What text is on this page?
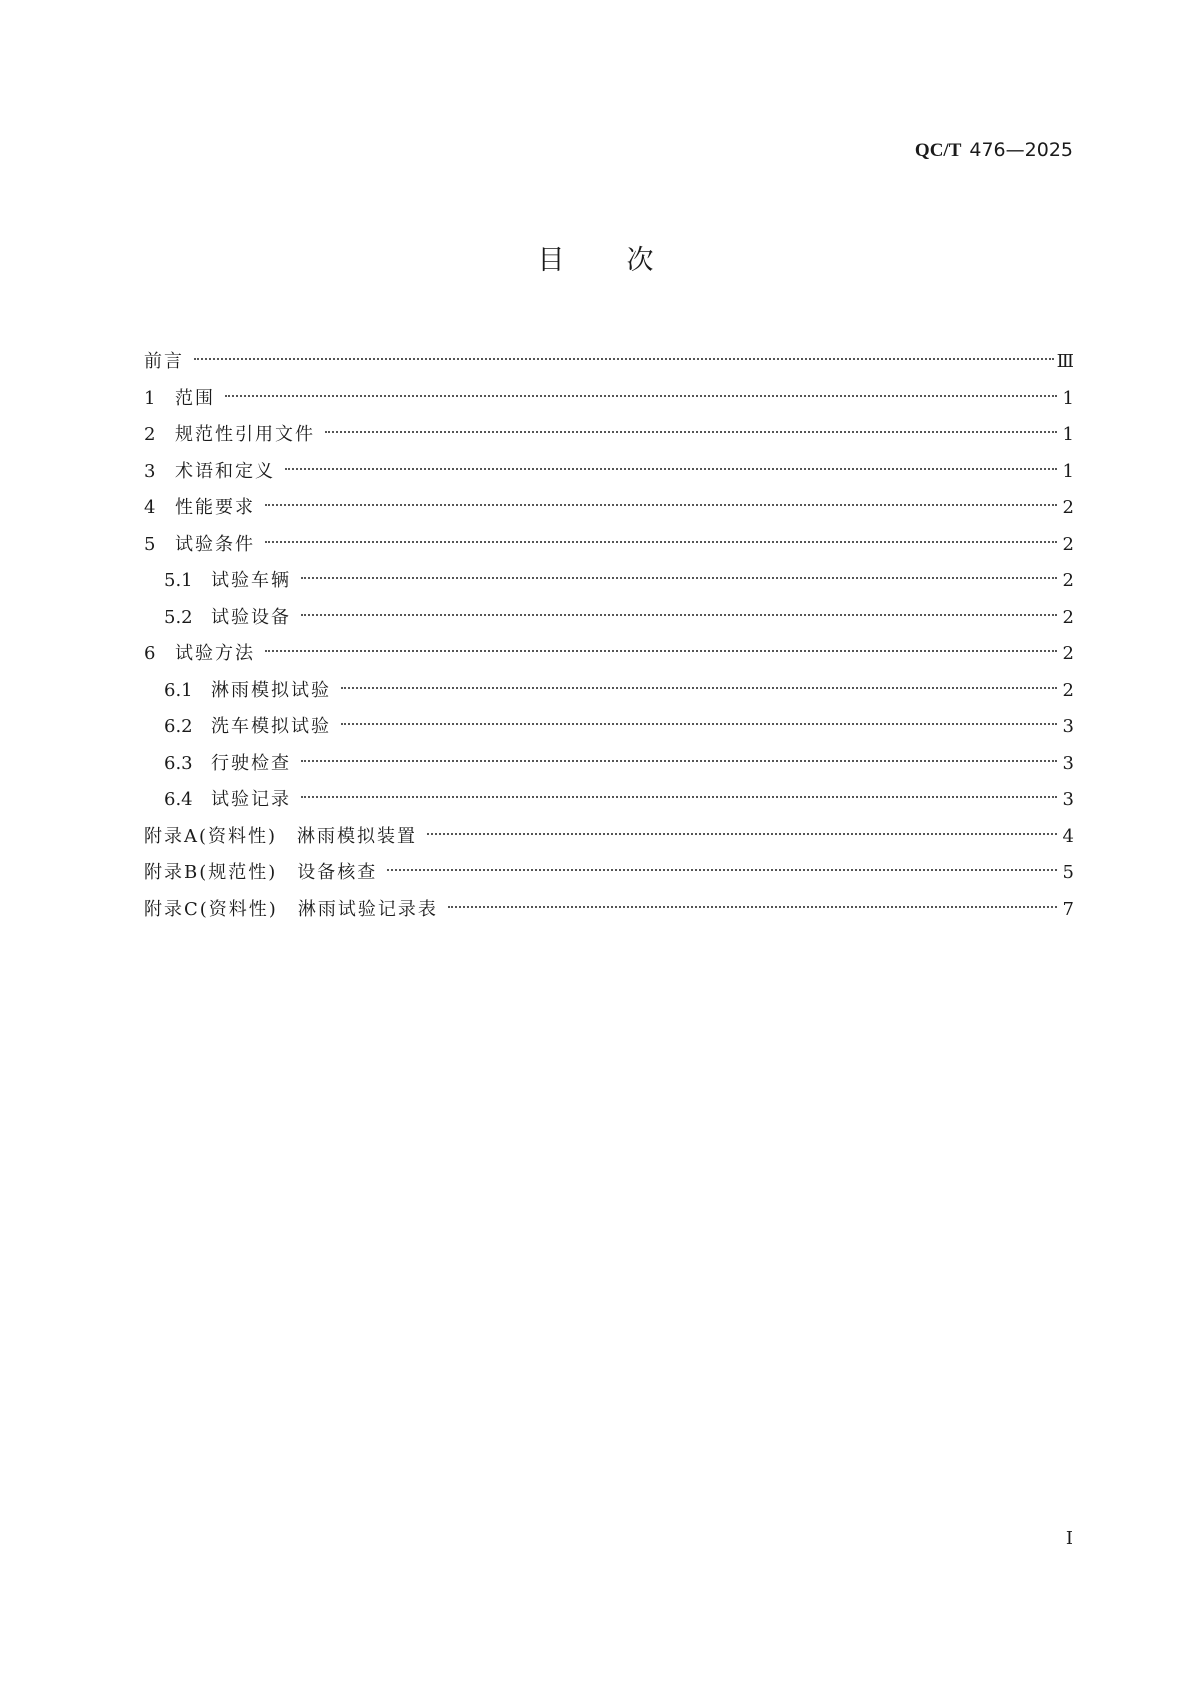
QC/T 476—2025
目次
前言	Ⅲ
1	范围	1
2	规范性引用文件	1
3	术语和定义	1
4	性能要求	2
5	试验条件	2
5.1	试验车辆	2
5.2	试验设备	2
6	试验方法	2
6.1	淋雨模拟试验	2
6.2	洗车模拟试验	3
6.3	行驶检查	3
6.4	试验记录	3
附录A(资料性)　淋雨模拟装置	4
附录B(规范性)　设备核查	5
附录C(资料性)　淋雨试验记录表	7
I
